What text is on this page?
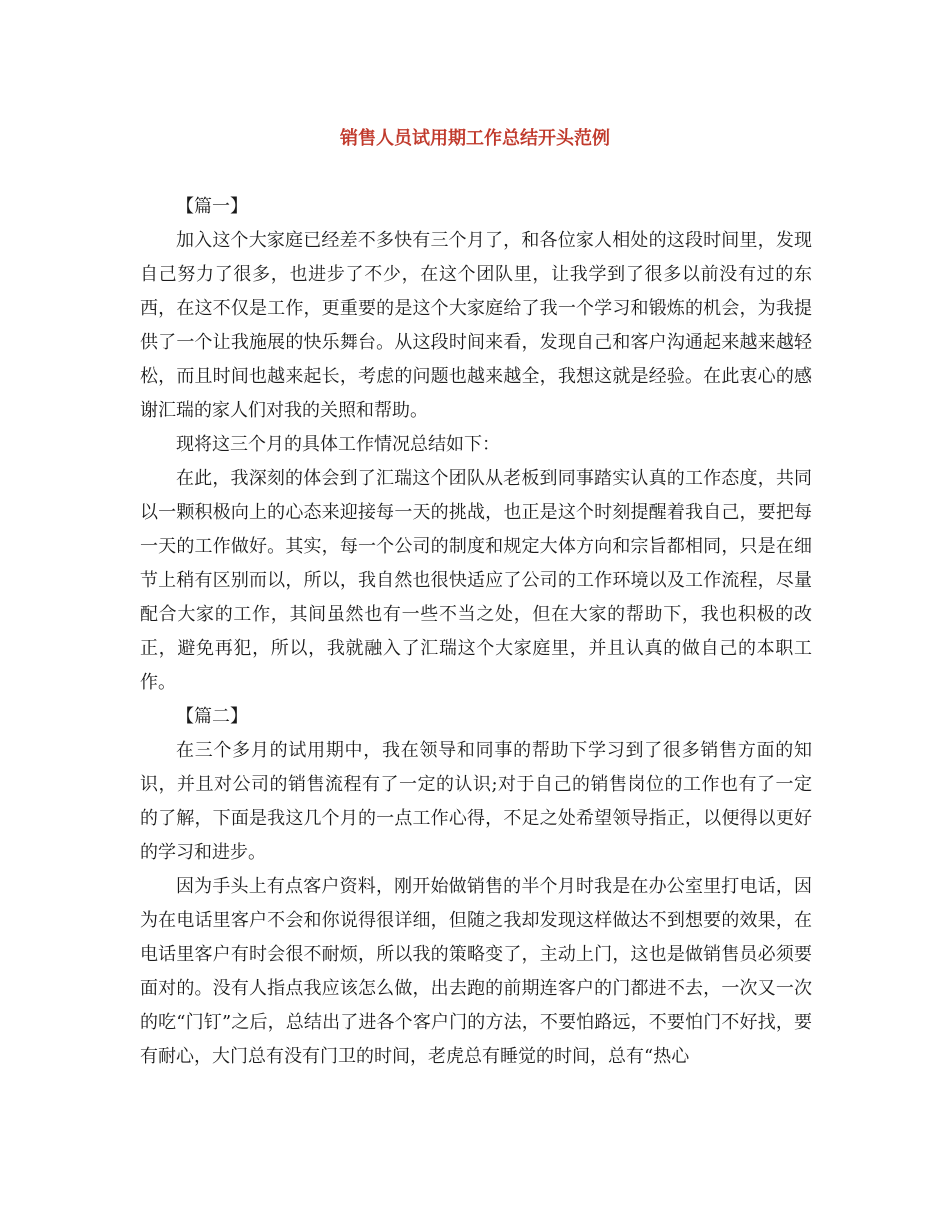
销售人员试用期工作总结开头范例

【篇一】

加入这个大家庭已经差不多快有三个月了，和各位家人相处的这段时间里，发现自己努力了很多，也进步了不少，在这个团队里，让我学到了很多以前没有过的东西，在这不仅是工作，更重要的是这个大家庭给了我一个学习和锻炼的机会，为我提供了一个让我施展的快乐舞台。从这段时间来看，发现自己和客户沟通起来越来越轻松，而且时间也越来起长，考虑的问题也越来越全，我想这就是经验。在此衷心的感谢汇瑞的家人们对我的关照和帮助。

现将这三个月的具体工作情况总结如下：

在此，我深刻的体会到了汇瑞这个团队从老板到同事踏实认真的工作态度，共同以一颗积极向上的心态来迎接每一天的挑战，也正是这个时刻提醒着我自己，要把每一天的工作做好。其实，每一个公司的制度和规定大体方向和宗旨都相同，只是在细节上稍有区别而以，所以，我自然也很快适应了公司的工作环境以及工作流程，尽量配合大家的工作，其间虽然也有一些不当之处，但在大家的帮助下，我也积极的改正，避免再犯，所以，我就融入了汇瑞这个大家庭里，并且认真的做自己的本职工作。

【篇二】

在三个多月的试用期中，我在领导和同事的帮助下学习到了很多销售方面的知识，并且对公司的销售流程有了一定的认识;对于自己的销售岗位的工作也有了一定的了解，下面是我这几个月的一点工作心得，不足之处希望领导指正，以便得以更好的学习和进步。

因为手头上有点客户资料，刚开始做销售的半个月时我是在办公室里打电话，因为在电话里客户不会和你说得很详细，但随之我却发现这样做达不到想要的效果，在电话里客户有时会很不耐烦，所以我的策略变了，主动上门，这也是做销售员必须要面对的。没有人指点我应该怎么做，出去跑的前期连客户的门都进不去，一次又一次的吃“门钉”之后，总结出了进各个客户门的方法，不要怕路远，不要怕门不好找，要有耐心，大门总有没有门卫的时间，老虎总有睡觉的时间，总有“热心
